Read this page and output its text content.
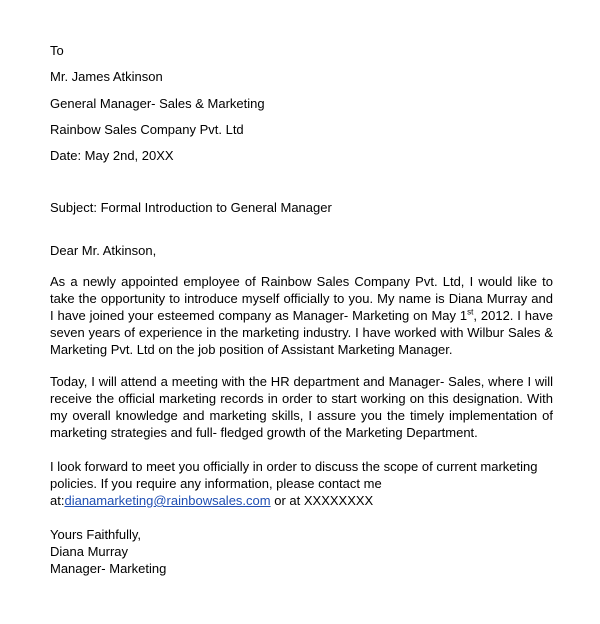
To
Mr. James Atkinson
General Manager- Sales & Marketing
Rainbow Sales Company Pvt. Ltd
Date: May 2nd, 20XX
Subject: Formal Introduction to General Manager
Dear Mr. Atkinson,

As a newly appointed employee of Rainbow Sales Company Pvt. Ltd, I would like to take the opportunity to introduce myself officially to you. My name is Diana Murray and I have joined your esteemed company as Manager- Marketing on May 1st, 2012. I have seven years of experience in the marketing industry. I have worked with Wilbur Sales & Marketing Pvt. Ltd on the job position of Assistant Marketing Manager.

Today, I will attend a meeting with the HR department and Manager- Sales, where I will receive the official marketing records in order to start working on this designation. With my overall knowledge and marketing skills, I assure you the timely implementation of marketing strategies and full- fledged growth of the Marketing Department.

I look forward to meet you officially in order to discuss the scope of current marketing
policies. If you require any information, please contact me
at:dianamarketing@rainbowsales.com or at XXXXXXXX
Yours Faithfully,
Diana Murray
Manager- Marketing
